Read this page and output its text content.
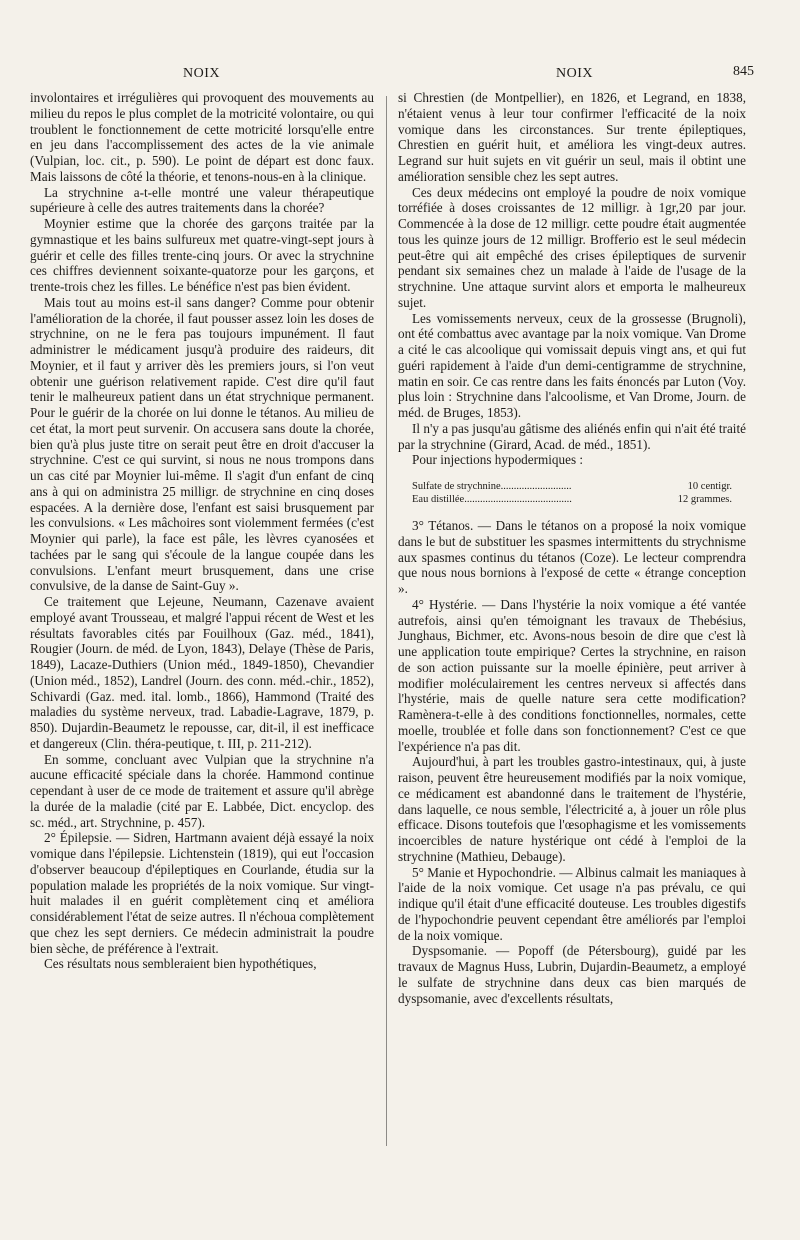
NOIX	NOIX	845

involontaires et irrégulières qui provoquent des mouvements au milieu du repos le plus complet de la motricité volontaire, ou qui troublent le fonctionnement de cette motricité lorsqu'elle entre en jeu dans l'accomplissement des actes de la vie animale (Vulpian, loc. cit., p. 590). Le point de départ est donc faux. Mais laissons de côté la théorie, et tenons-nous-en à la clinique.

La strychnine a-t-elle montré une valeur thérapeutique supérieure à celle des autres traitements dans la chorée?

Moynier estime que la chorée des garçons traitée par la gymnastique et les bains sulfureux met quatre-vingt-sept jours à guérir et celle des filles trente-cinq jours. Or avec la strychnine ces chiffres deviennent soixante-quatorze pour les garçons, et trente-trois chez les filles. Le bénéfice n'est pas bien évident.

Mais tout au moins est-il sans danger? Comme pour obtenir l'amélioration de la chorée, il faut pousser assez loin les doses de strychnine, on ne le fera pas toujours impunément. Il faut administrer le médicament jusqu'à produire des raideurs, dit Moynier, et il faut y arriver dès les premiers jours, si l'on veut obtenir une guérison relativement rapide. C'est dire qu'il faut tenir le malheureux patient dans un état strychnique permanent. Pour le guérir de la chorée on lui donne le tétanos. Au milieu de cet état, la mort peut survenir. On accusera sans doute la chorée, bien qu'à plus juste titre on serait peut être en droit d'accuser la strychnine. C'est ce qui survint, si nous ne nous trompons dans un cas cité par Moynier lui-même. Il s'agit d'un enfant de cinq ans à qui on administra 25 milligr. de strychnine en cinq doses espacées. A la dernière dose, l'enfant est saisi brusquement par les convulsions. « Les mâchoires sont violemment fermées (c'est Moynier qui parle), la face est pâle, les lèvres cyanosées et tachées par le sang qui s'écoule de la langue coupée dans les convulsions. L'enfant meurt brusquement, dans une crise convulsive, de la danse de Saint-Guy ».

Ce traitement que Lejeune, Neumann, Cazenave avaient employé avant Trousseau, et malgré l'appui récent de West et les résultats favorables cités par Fouilhoux (Gaz. méd., 1841), Rougier (Journ. de méd. de Lyon, 1843), Delaye (Thèse de Paris, 1849), Lacaze-Duthiers (Union méd., 1849-1850), Chevandier (Union méd., 1852), Landrel (Journ. des conn. méd.-chir., 1852), Schivardi (Gaz. med. ital. lomb., 1866), Hammond (Traité des maladies du système nerveux, trad. Labadie-Lagrave, 1879, p. 850). Dujardin-Beaumetz le repousse, car, dit-il, il est inefficace et dangereux (Clin. théra-peutique, t. III, p. 211-212).

En somme, concluant avec Vulpian que la strychnine n'a aucune efficacité spéciale dans la chorée. Hammond continue cependant à user de ce mode de traitement et assure qu'il abrège la durée de la maladie (cité par E. Labbée, Dict. encyclop. des sc. méd., art. Strychnine, p. 457).

2° Épilepsie. — Sidren, Hartmann avaient déjà essayé la noix vomique dans l'épilepsie. Lichtenstein (1819), qui eut l'occasion d'observer beaucoup d'épileptiques en Courlande, étudia sur la population malade les propriétés de la noix vomique. Sur vingt-huit malades il en guérit complètement cinq et améliora considérablement l'état de seize autres. Il n'échoua complètement que chez les sept derniers. Ce médecin administrait la poudre bien sèche, de préférence à l'extrait.

Ces résultats nous sembleraient bien hypothétiques,

si Chrestien (de Montpellier), en 1826, et Legrand, en 1838, n'étaient venus à leur tour confirmer l'efficacité de la noix vomique dans les circonstances. Sur trente épileptiques, Chrestien en guérit huit, et améliora les vingt-deux autres. Legrand sur huit sujets en vit guérir un seul, mais il obtint une amélioration sensible chez les sept autres.

Ces deux médecins ont employé la poudre de noix vomique torréfiée à doses croissantes de 12 milligr. à 1gr,20 par jour. Commencée à la dose de 12 milligr. cette poudre était augmentée tous les quinze jours de 12 milligr. Brofferio est le seul médecin peut-être qui ait empêché des crises épileptiques de survenir pendant six semaines chez un malade à l'aide de l'usage de la strychnine. Une attaque survint alors et emporta le malheureux sujet.

Les vomissements nerveux, ceux de la grossesse (Brugnoli), ont été combattus avec avantage par la noix vomique. Van Drome a cité le cas alcoolique qui vomissait depuis vingt ans, et qui fut guéri rapidement à l'aide d'un demi-centigramme de strychnine, matin en soir. Ce cas rentre dans les faits énoncés par Luton (Voy. plus loin : Strychnine dans l'alcoolisme, et Van Drome, Journ. de méd. de Bruges, 1853).

Il n'y a pas jusqu'au gâtisme des aliénés enfin qui n'ait été traité par la strychnine (Girard, Acad. de méd., 1851).

Pour injections hypodermiques :

Sulfate de strychnine...........................	10 centigr.
Eau distillée.........................................	12 grammes.

3° Tétanos. — Dans le tétanos on a proposé la noix vomique dans le but de substituer les spasmes intermittents du strychnisme aux spasmes continus du tétanos (Coze). Le lecteur comprendra que nous nous bornions à l'exposé de cette « étrange conception ».

4° Hystérie. — Dans l'hystérie la noix vomique a été vantée autrefois, ainsi qu'en témoignant les travaux de Thebésius, Junghaus, Bichmer, etc. Avons-nous besoin de dire que c'est là une application toute empirique? Certes la strychnine, en raison de son action puissante sur la moelle épinière, peut arriver à modifier moléculairement les centres nerveux si affectés dans l'hystérie, mais de quelle nature sera cette modification? Ramènera-t-elle à des conditions fonctionnelles, normales, cette moelle, troublée et folle dans son fonctionnement? C'est ce que l'expérience n'a pas dit.

Aujourd'hui, à part les troubles gastro-intestinaux, qui, à juste raison, peuvent être heureusement modifiés par la noix vomique, ce médicament est abandonné dans le traitement de l'hystérie, dans laquelle, ce nous semble, l'électricité a, à jouer un rôle plus efficace. Disons toutefois que l'œsophagisme et les vomissements incoercibles de nature hystérique ont cédé à l'emploi de la strychnine (Mathieu, Debauge).

5° Manie et Hypochondrie. — Albinus calmait les maniaques à l'aide de la noix vomique. Cet usage n'a pas prévalu, ce qui indique qu'il était d'une efficacité douteuse. Les troubles digestifs de l'hypochondrie peuvent cependant être améliorés par l'emploi de la noix vomique.

Dyspsomanie. — Popoff (de Pétersbourg), guidé par les travaux de Magnus Huss, Lubrin, Dujardin-Beaumetz, a employé le sulfate de strychnine dans deux cas bien marqués de dyspsomanie, avec d'excellents résultats,
